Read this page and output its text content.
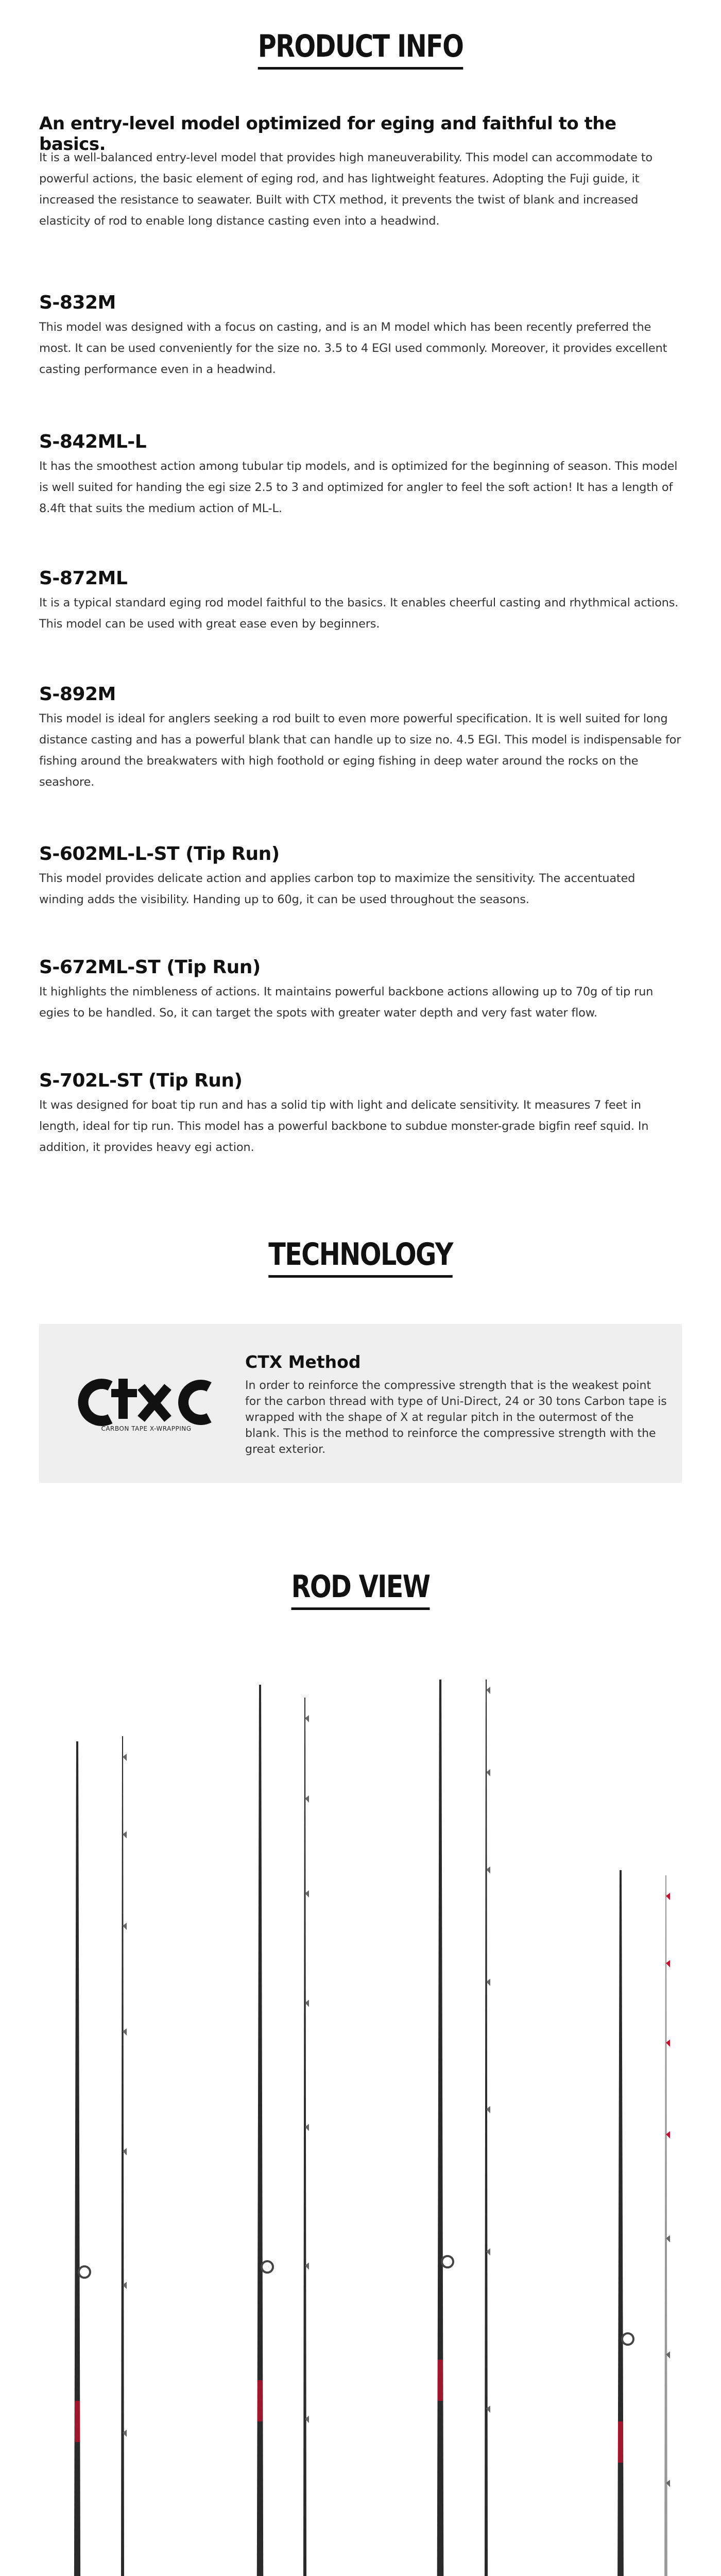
PRODUCT INFO
An entry-level model optimized for eging and faithful to the basics.
It is a well-balanced entry-level model that provides high maneuverability. This model can accommodate to powerful actions, the basic element of eging rod, and has lightweight features. Adopting the Fuji guide, it increased the resistance to seawater. Built with CTX method, it prevents the twist of blank and increased elasticity of rod to enable long distance casting even into a headwind.
S-832M
This model was designed with a focus on casting, and is an M model which has been recently preferred the most. It can be used conveniently for the size no. 3.5 to 4 EGI used commonly. Moreover, it provides excellent casting performance even in a headwind.
S-842ML-L
It has the smoothest action among tubular tip models, and is optimized for the beginning of season. This model is well suited for handing the egi size 2.5 to 3 and optimized for angler to feel the soft action! It has a length of 8.4ft that suits the medium action of ML-L.
S-872ML
It is a typical standard eging rod model faithful to the basics. It enables cheerful casting and rhythmical actions. This model can be used with great ease even by beginners.
S-892M
This model is ideal for anglers seeking a rod built to even more powerful specification. It is well suited for long distance casting and has a powerful blank that can handle up to size no. 4.5 EGI. This model is indispensable for fishing around the breakwaters with high foothold or eging fishing in deep water around the rocks on the seashore.
S-602ML-L-ST (Tip Run)
This model provides delicate action and applies carbon top to maximize the sensitivity. The accentuated winding adds the visibility. Handing up to 60g, it can be used throughout the seasons.
S-672ML-ST (Tip Run)
It highlights the nimbleness of actions. It maintains powerful backbone actions allowing up to 70g of tip run egies to be handled. So, it can target the spots with greater water depth and very fast water flow.
S-702L-ST (Tip Run)
It was designed for boat tip run and has a solid tip with light and delicate sensitivity. It measures 7 feet in length, ideal for tip run. This model has a powerful backbone to subdue monster-grade bigfin reef squid. In addition, it provides heavy egi action.
TECHNOLOGY
CARBON TAPE X-WRAPPING
CTX Method
In order to reinforce the compressive strength that is the weakest point for the carbon thread with type of Uni-Direct, 24 or 30 tons Carbon tape is wrapped with the shape of X at regular pitch in the outermost of the blank. This is the method to reinforce the compressive strength with the great exterior.
ROD VIEW
